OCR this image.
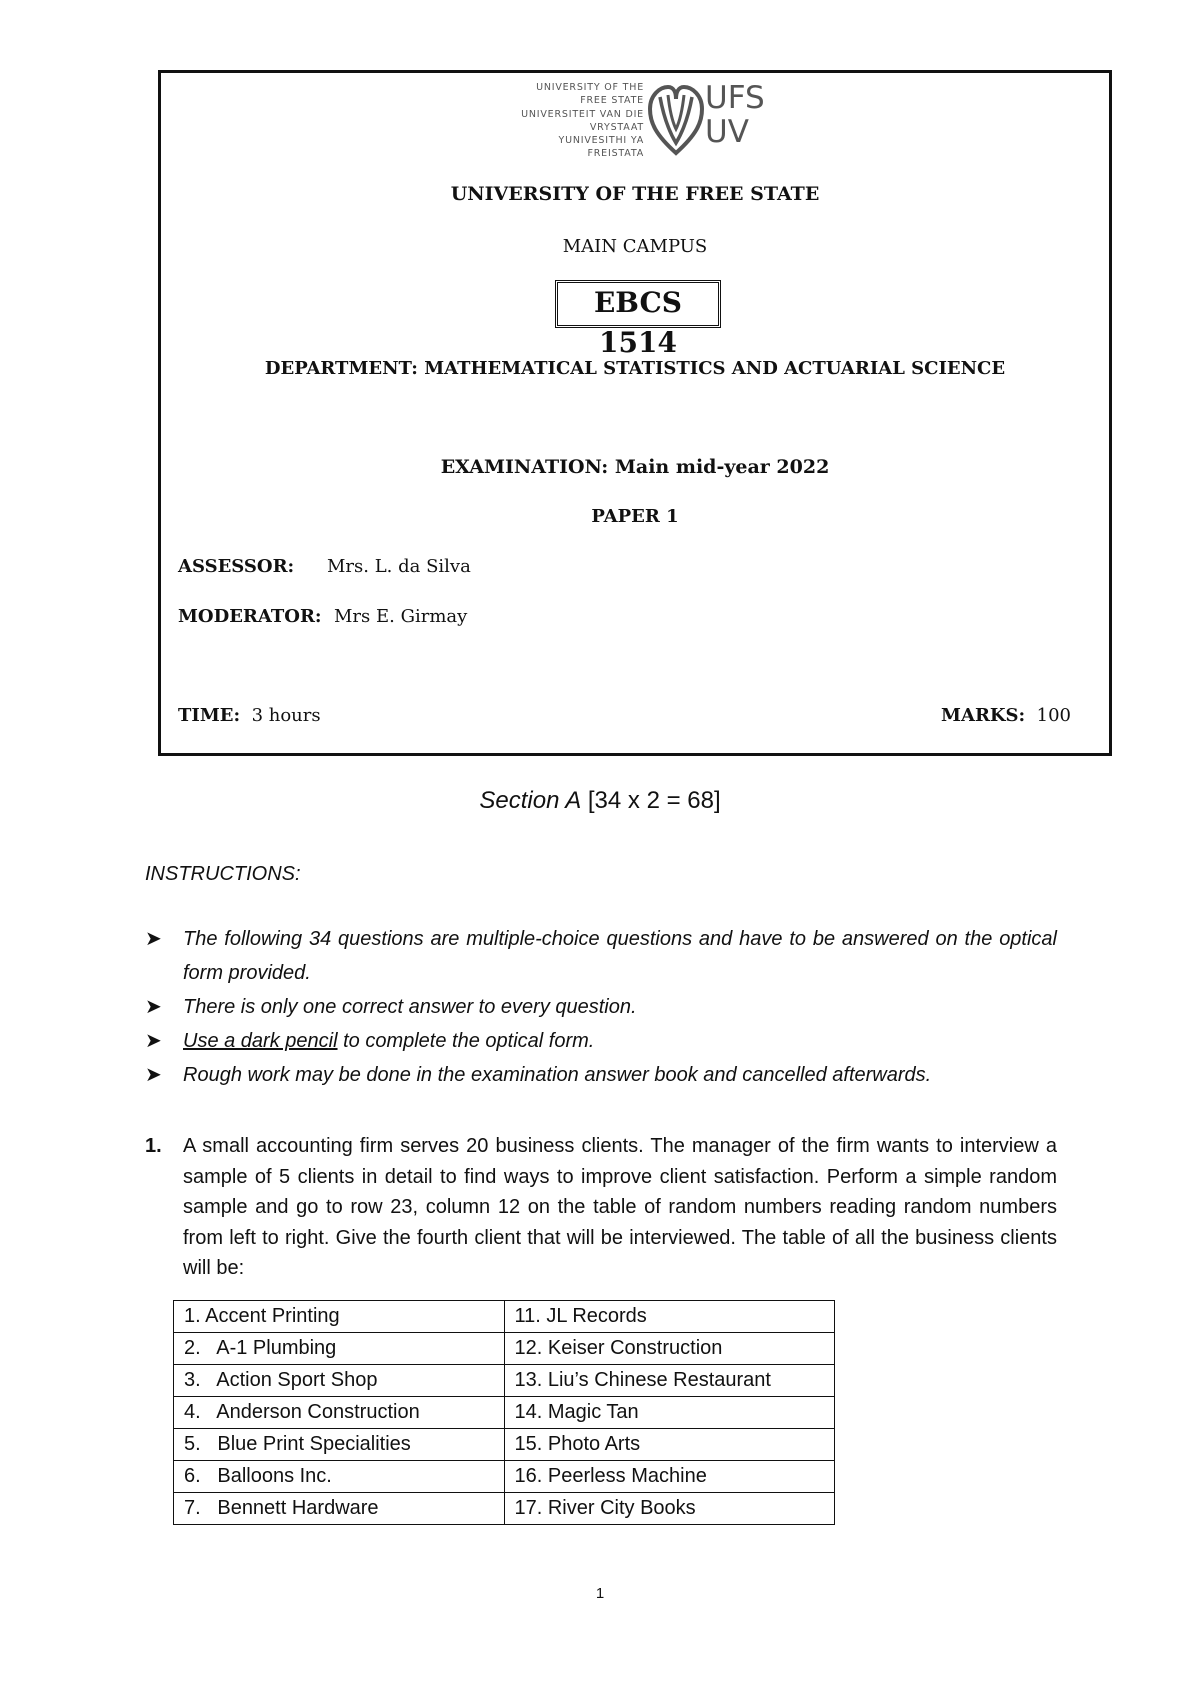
UNIVERSITY OF THE
FREE STATE
UNIVERSITEIT VAN DIE
VRYSTAAT
YUNIVESITHI YA
FREISTATA
UFS
UV
UNIVERSITY OF THE FREE STATE
MAIN CAMPUS
EBCS 1514
DEPARTMENT: MATHEMATICAL STATISTICS AND ACTUARIAL SCIENCE
EXAMINATION: Main mid-year 2022
PAPER 1
ASSESSOR: Mrs. L. da Silva
MODERATOR: Mrs E. Girmay
TIME: 3 hours	MARKS: 100
Section A [34 x 2 = 68]
INSTRUCTIONS:
➤ The following 34 questions are multiple-choice questions and have to be answered on the optical form provided.
➤ There is only one correct answer to every question.
➤ Use a dark pencil to complete the optical form.
➤ Rough work may be done in the examination answer book and cancelled afterwards.
1. A small accounting firm serves 20 business clients. The manager of the firm wants to interview a sample of 5 clients in detail to find ways to improve client satisfaction. Perform a simple random sample and go to row 23, column 12 on the table of random numbers reading random numbers from left to right. Give the fourth client that will be interviewed. The table of all the business clients will be:
1. Accent Printing	11. JL Records
2.   A-1 Plumbing	12. Keiser Construction
3.   Action Sport Shop	13. Liu’s Chinese Restaurant
4.   Anderson Construction	14. Magic Tan
5.   Blue Print Specialities	15. Photo Arts
6.   Balloons Inc.	16. Peerless Machine
7.   Bennett Hardware	17. River City Books
1
